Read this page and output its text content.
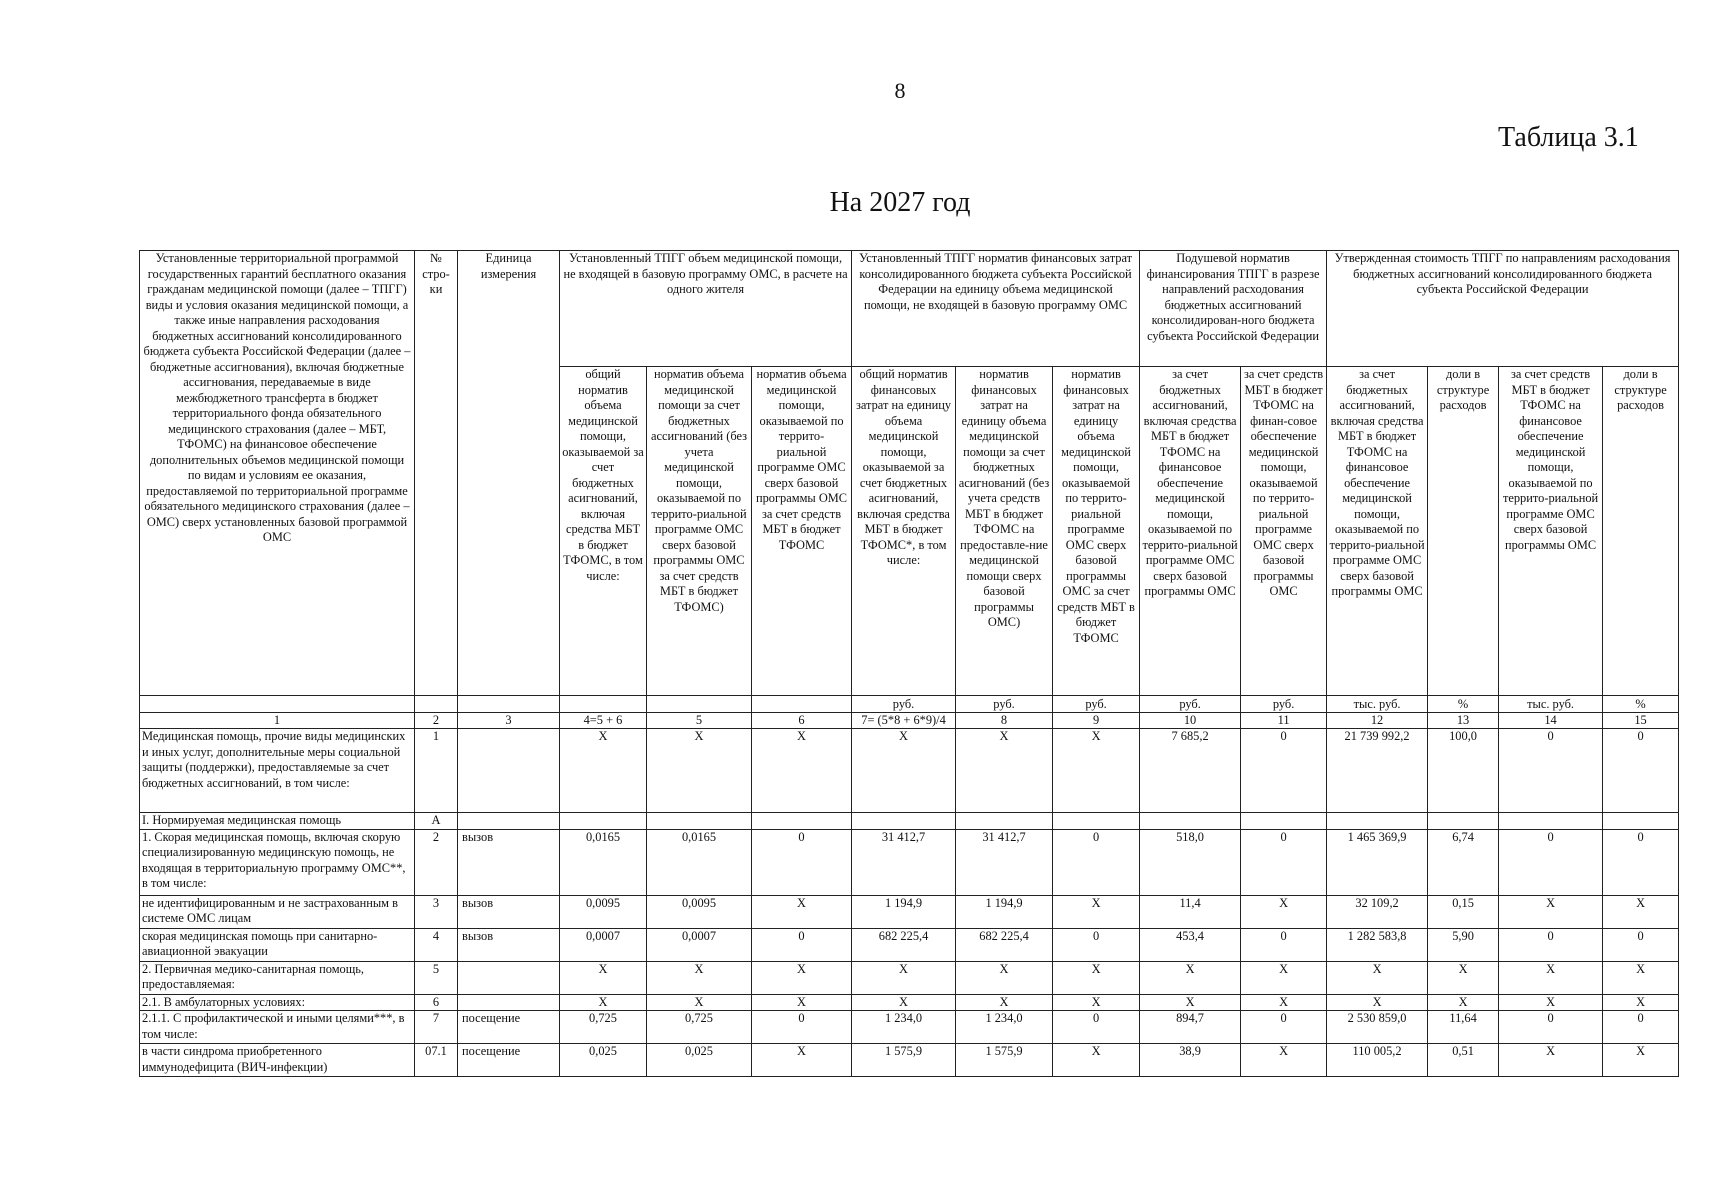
8
Таблица 3.1
На 2027 год
Установленные территориальной программой государственных гарантий бесплатного оказания гражданам медицинской помощи (далее – ТПГГ) виды и условия оказания медицинской помощи, а также иные направления расходования бюджетных ассигнований консолидированного бюджета субъекта Российской Федерации (далее – бюджетные ассигнования), включая бюджетные ассигнования, передаваемые в виде межбюджетного трансферта в бюджет территориального фонда обязательного медицинского страхования (далее – МБТ, ТФОМС) на финансовое обеспечение дополнительных объемов медицинской помощи по видам и условиям ее оказания, предоставляемой по территориальной программе обязательного медицинского страхования (далее – ОМС) сверх установленных базовой программой ОМС	№ стро-ки	Единица измерения	Установленный ТПГГ объем медицинской помощи, не входящей в базовую программу ОМС, в расчете на одного жителя			Установленный ТПГГ норматив финансовых затрат консолидированного бюджета субъекта Российской Федерации на единицу объема медицинской помощи, не входящей в базовую программу ОМС			Подушевой норматив финансирования ТПГГ в разрезе направлений расходования бюджетных ассигнований консолидирован-ного бюджета субъекта Российской Федерации		Утвержденная стоимость ТПГГ по направлениям расходования бюджетных ассигнований консолидированного бюджета субъекта Российской Федерации			
			общий норматив объема медицинской помощи, оказываемой за счет бюджетных асигнований, включая средства МБТ в бюджет ТФОМС, в том числе:	норматив объема медицинской помощи за счет бюджетных ассигнований (без учета медицинской помощи, оказываемой по террито-риальной программе ОМС сверх базовой программы ОМС за счет средств МБТ в бюджет ТФОМС)	норматив объема медицинской помощи, оказываемой по террито-риальной программе ОМС сверх базовой программы ОМС за счет средств МБТ в бюджет ТФОМС	общий норматив финансовых затрат на единицу объема медицинской помощи, оказываемой за счет бюджетных асигнований, включая средства МБТ в бюджет ТФОМС*, в том числе:	норматив финансовых затрат на единицу объема медицинской помощи за счет бюджетных асигнований (без учета средств МБТ в бюджет ТФОМС на предоставле-ние медицинской помощи сверх базовой программы ОМС)	норматив финансовых затрат на единицу объема медицинской помощи, оказываемой по террито-риальной программе ОМС сверх базовой программы ОМС за счет средств МБТ в бюджет ТФОМС	за счет бюджетных ассигнований, включая средства МБТ в бюджет ТФОМС на финансовое обеспечение медицинской помощи, оказываемой по террито-риальной программе ОМС сверх базовой программы ОМС	за счет средств МБТ в бюджет ТФОМС на финан-совое обеспечение медицинской помощи, оказываемой по террито-риальной программе ОМС сверх базовой программы ОМС	за счет бюджетных ассигнований, включая средства МБТ в бюджет ТФОМС на финансовое обеспечение медицинской помощи, оказываемой по террито-риальной программе ОМС сверх базовой программы ОМС	доли в структуре расходов	за счет средств МБТ в бюджет ТФОМС на финансовое обеспечение медицинской помощи, оказываемой по террито-риальной программе ОМС сверх базовой программы ОМС	доли в структуре расходов
						руб.	руб.	руб.	руб.	руб.	тыс. руб.	%	тыс. руб.	%
1	2	3	4=5 + 6	5	6	7= (5*8 + 6*9)/4	8	9	10	11	12	13	14	15
Медицинская помощь, прочие виды медицинских и иных услуг, дополнительные меры социальной защиты (поддержки), предоставляемые за счет бюджетных ассигнований, в том числе:	1		X	X	X	X	X	X	7 685,2	0	21 739 992,2	100,0	0	0
I. Нормируемая медицинская помощь	A													
1. Скорая медицинская помощь, включая скорую специализированную медицинскую помощь, не входящая в территориальную программу ОМС**, в том числе:	2	вызов	0,0165	0,0165	0	31 412,7	31 412,7	0	518,0	0	1 465 369,9	6,74	0	0
не идентифицированным и не застрахованным в системе ОМС лицам	3	вызов	0,0095	0,0095	X	1 194,9	1 194,9	X	11,4	X	32 109,2	0,15	X	X
скорая медицинская помощь при санитарно-авиационной эвакуации	4	вызов	0,0007	0,0007	0	682 225,4	682 225,4	0	453,4	0	1 282 583,8	5,90	0	0
2. Первичная медико-санитарная помощь, предоставляемая:	5		X	X	X	X	X	X	X	X	X	X	X	X
2.1. В амбулаторных условиях:	6		X	X	X	X	X	X	X	X	X	X	X	X
2.1.1. С профилактической и иными целями***, в том числе:	7	посещение	0,725	0,725	0	1 234,0	1 234,0	0	894,7	0	2 530 859,0	11,64	0	0
в части синдрома приобретенного иммунодефицита (ВИЧ-инфекции)	07.1	посещение	0,025	0,025	X	1 575,9	1 575,9	X	38,9	X	110 005,2	0,51	X	X
